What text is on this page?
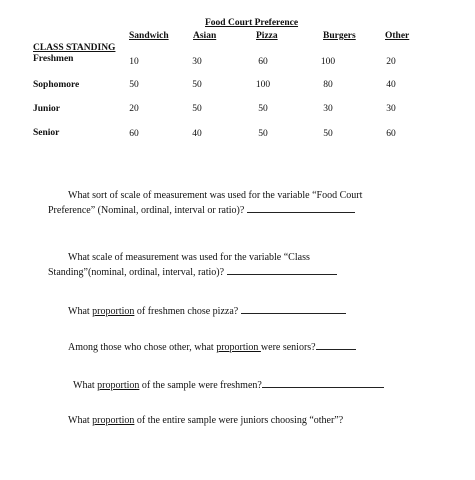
Food Court Preference
Sandwich	Asian	Pizza	Burgers	Other
CLASS STANDING
Freshmen	10	30	60	100	20
Sophomore	50	50	100	80	40
Junior	20	50	50	30	30
Senior	60	40	50	50	60
What sort of scale of measurement was used for the variable “Food Court
Preference” (Nominal, ordinal, interval or ratio)?
What scale of measurement was used for the variable “Class
Standing”(nominal, ordinal, interval, ratio)?
What proportion of freshmen chose pizza?
Among those who chose other, what proportion were seniors?
What proportion of the sample were freshmen?
What proportion of the entire sample were juniors choosing “other”?
